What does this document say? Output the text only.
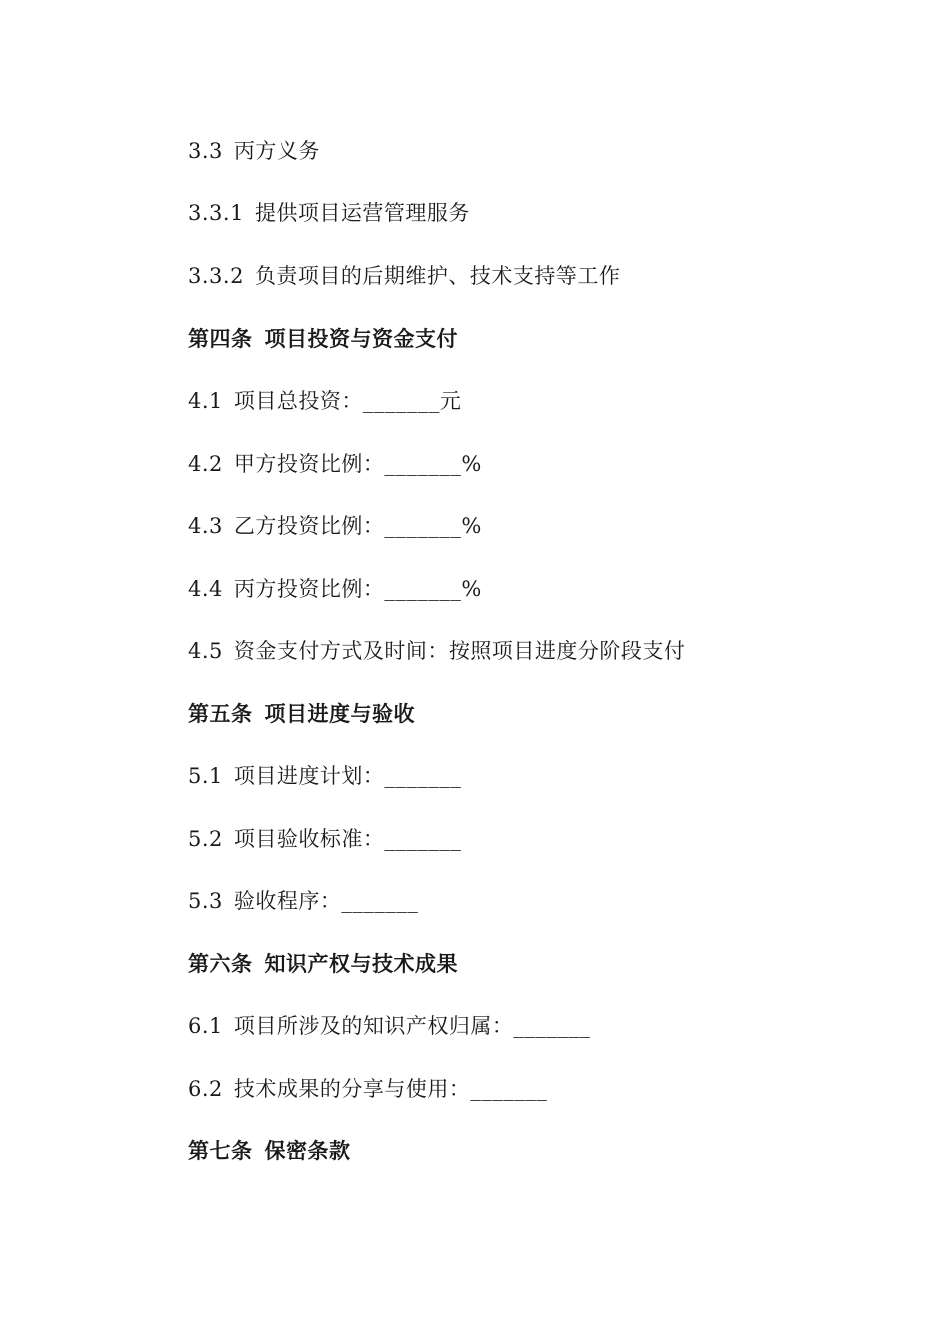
3.3 丙方义务
3.3.1 提供项目运营管理服务
3.3.2 负责项目的后期维护、技术支持等工作
第四条 项目投资与资金支付
4.1 项目总投资：_______元
4.2 甲方投资比例：_______%
4.3 乙方投资比例：_______%
4.4 丙方投资比例：_______%
4.5 资金支付方式及时间：按照项目进度分阶段支付
第五条 项目进度与验收
5.1 项目进度计划：_______
5.2 项目验收标准：_______
5.3 验收程序：_______
第六条 知识产权与技术成果
6.1 项目所涉及的知识产权归属：_______
6.2 技术成果的分享与使用：_______
第七条 保密条款
